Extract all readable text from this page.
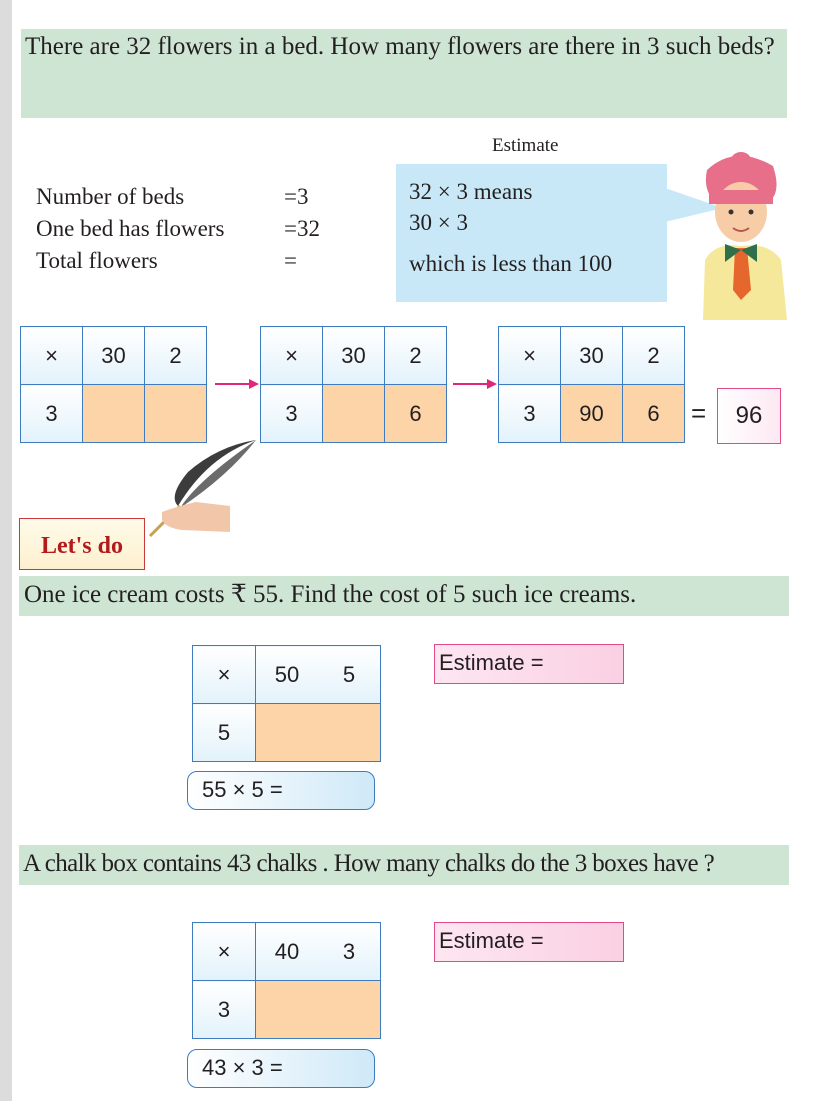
There are 32 flowers in a bed. How many flowers are there in 3 such beds?
Estimate
Number of beds	=3
One bed has flowers	=32
Total flowers	=
32 × 3 means
30 × 3
which is less than 100
×	30	2
3		
×	30	2
3		6
×	30	2
3	90	6 =	96
Let's do
One ice cream costs ₹ 55. Find the cost of 5 such ice creams.
×	50	5
5		
Estimate =
55 × 5 =
A chalk box contains 43 chalks . How many chalks do the 3 boxes have ?
×	40	3
3		
Estimate =
43 × 3 =
